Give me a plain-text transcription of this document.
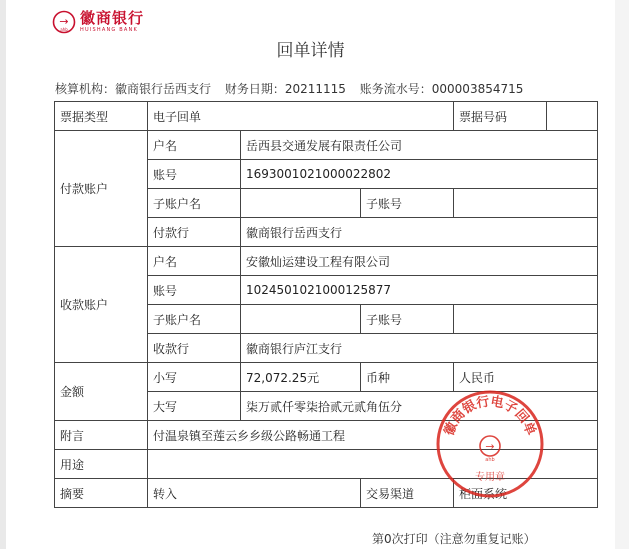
→
ahb
徽商银行
HUISHANG BANK
回单详情
核算机构：徽商银行岳西支行 财务日期：20211115 账务流水号：000003854715
票据类型	电子回单			票据号码	
付款账户	户名	岳西县交通发展有限责任公司			
	账号	1693001021000022802			
	子账户名		子账号		
	付款行	徽商银行岳西支行			
收款账户	户名	安徽灿运建设工程有限公司			
	账号	1024501021000125877			
	子账户名		子账号		
	收款行	徽商银行庐江支行			
金额	小写	72,072.25元	币种	人民币	
	大写	柒万贰仟零柒拾贰元贰角伍分			
附言	付温泉镇至莲云乡乡级公路畅通工程				
用途					
摘要	转入		交易渠道	柜面系统	
第0次打印（注意勿重复记账）
徽商银行电子回单
→
ahb
专用章
